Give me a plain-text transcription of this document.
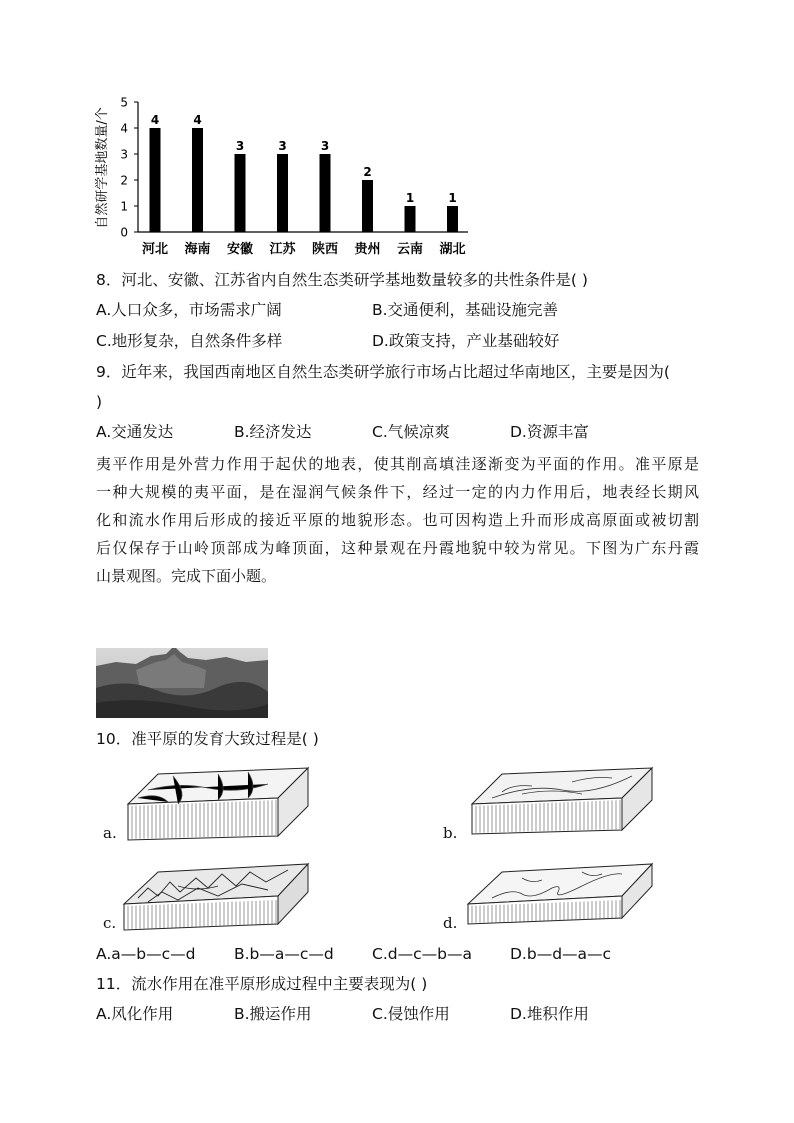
自然研学基地数量/个
0
1
2
3
4
5
4
河北
4
海南
3
安徽
3
江苏
3
陕西
2
贵州
1
云南
1
湖北
8．河北、安徽、江苏省内自然生态类研学基地数量较多的共性条件是( )
A.人口众多，市场需求广阔	B.交通便利，基础设施完善
C.地形复杂，自然条件多样	D.政策支持，产业基础较好
9．近年来，我国西南地区自然生态类研学旅行市场占比超过华南地区，主要是因为(
)
A.交通发达	B.经济发达	C.气候凉爽	D.资源丰富
夷平作用是外营力作用于起伏的地表，使其削高填洼逐渐变为平面的作用。准平原是
一种大规模的夷平面，是在湿润气候条件下，经过一定的内力作用后，地表经长期风
化和流水作用后形成的接近平原的地貌形态。也可因构造上升而形成高原面或被切割
后仅保存于山岭顶部成为峰顶面，这种景观在丹霞地貌中较为常见。下图为广东丹霞
山景观图。完成下面小题。
10．准平原的发育大致过程是( )
a.	b.
c.	d.
A.a—b—c—d B.b—a—c—d C.d—c—b—a D.b—d—a—c
11．流水作用在准平原形成过程中主要表现为( )
A.风化作用	B.搬运作用	C.侵蚀作用	D.堆积作用
